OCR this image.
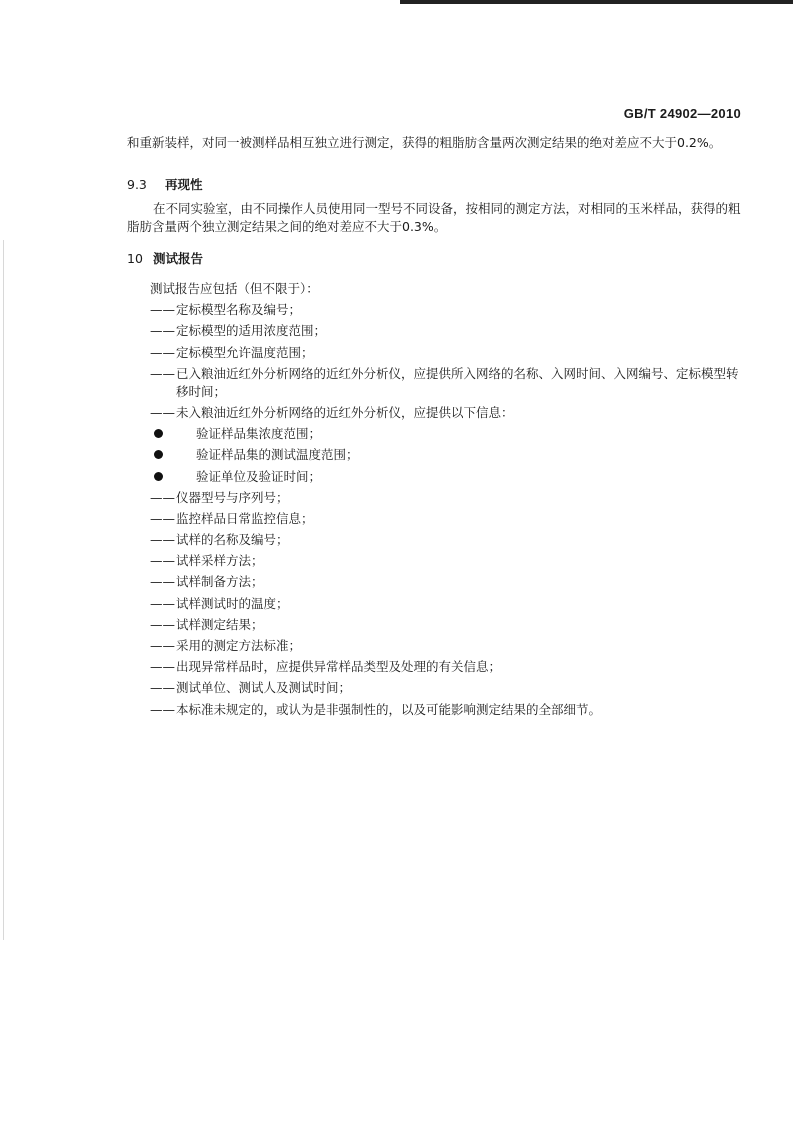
GB/T 24902—2010
和重新装样，对同一被测样品相互独立进行测定，获得的粗脂肪含量两次测定结果的绝对差应不大于0.2%。
9.3 再现性
在不同实验室，由不同操作人员使用同一型号不同设备，按相同的测定方法，对相同的玉米样品，获得的粗脂肪含量两个独立测定结果之间的绝对差应不大于0.3%。
10 测试报告
测试报告应包括（但不限于）：
——定标模型名称及编号；
——定标模型的适用浓度范围；
——定标模型允许温度范围；
——已入粮油近红外分析网络的近红外分析仪，应提供所入网络的名称、入网时间、入网编号、定标模型转移时间；
——未入粮油近红外分析网络的近红外分析仪，应提供以下信息：
验证样品集浓度范围；
验证样品集的测试温度范围；
验证单位及验证时间；
——仪器型号与序列号；
——监控样品日常监控信息；
——试样的名称及编号；
——试样采样方法；
——试样制备方法；
——试样测试时的温度；
——试样测定结果；
——采用的测定方法标准；
——出现异常样品时，应提供异常样品类型及处理的有关信息；
——测试单位、测试人及测试时间；
——本标准未规定的，或认为是非强制性的，以及可能影响测定结果的全部细节。
